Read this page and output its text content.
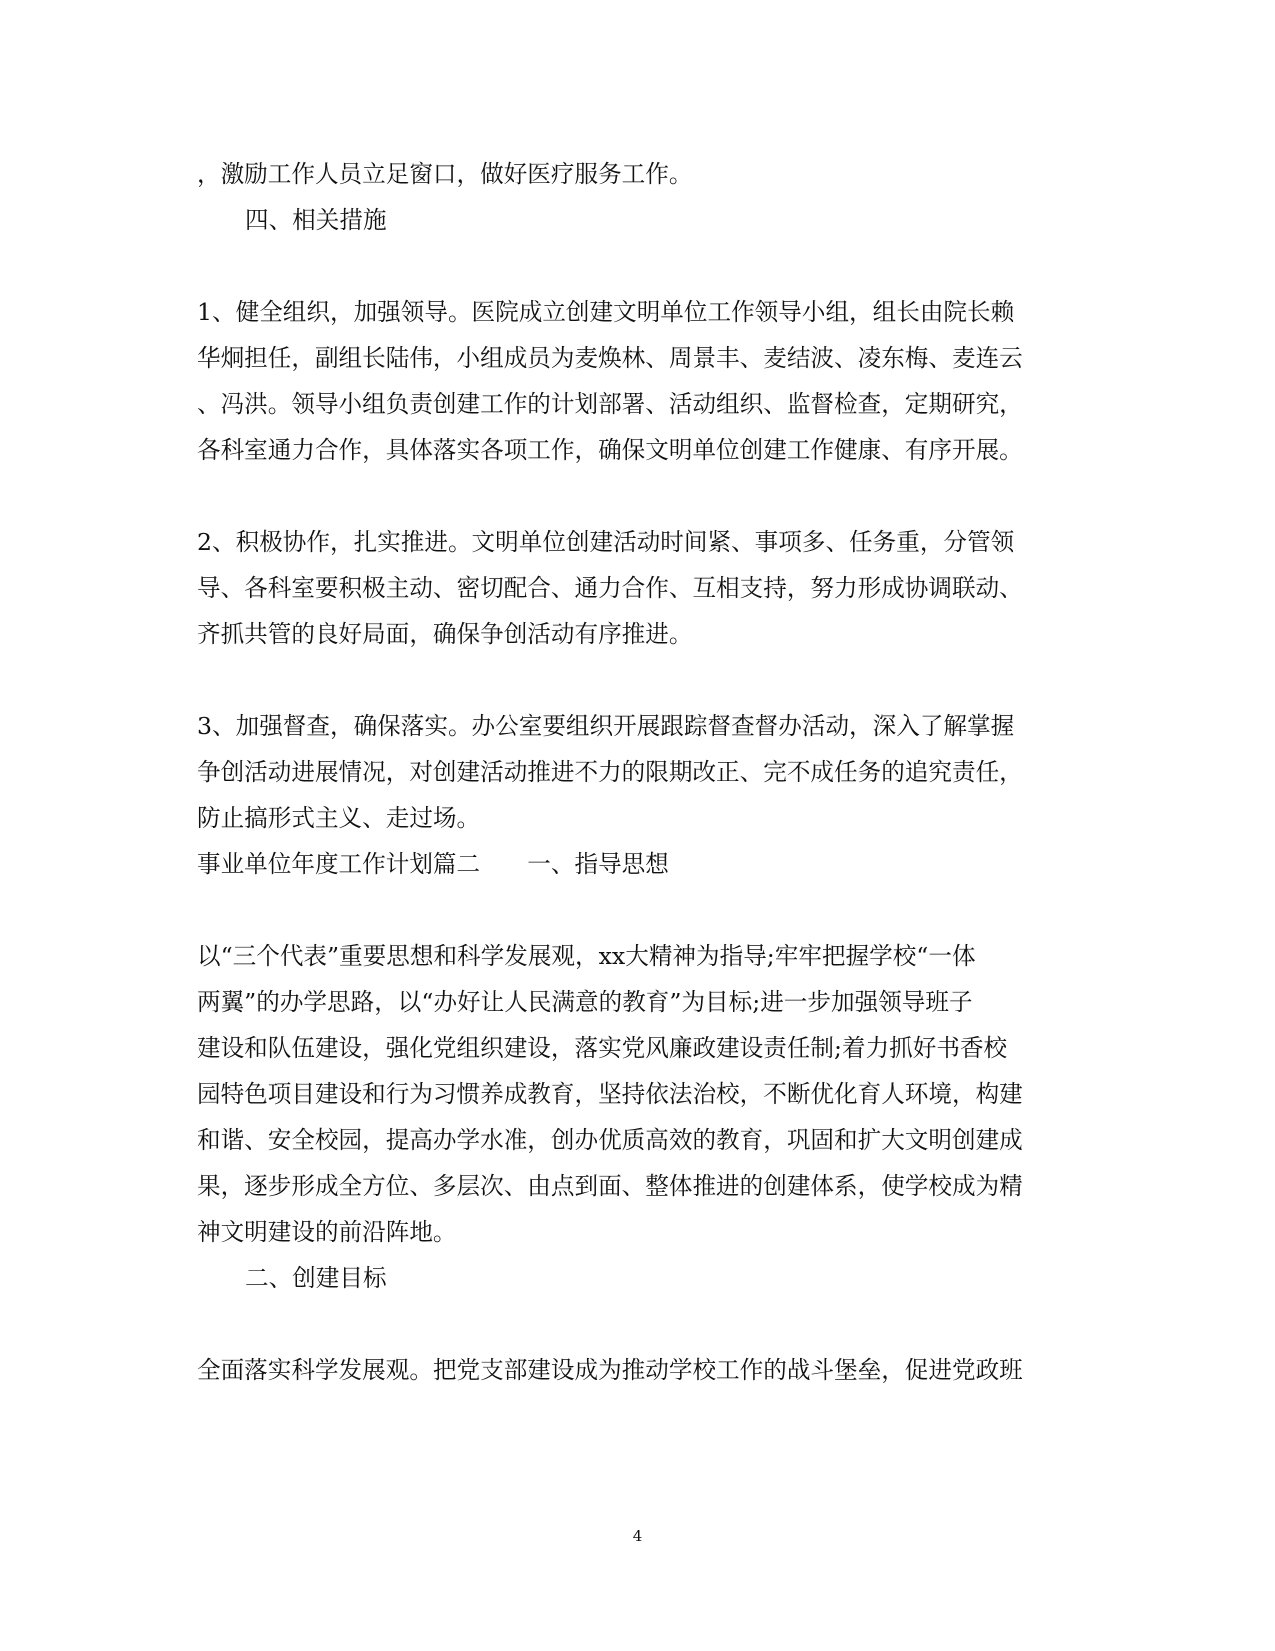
，激励工作人员立足窗口，做好医疗服务工作。
四、相关措施
1、健全组织，加强领导。医院成立创建文明单位工作领导小组，组长由院长赖
华炯担任，副组长陆伟，小组成员为麦焕林、周景丰、麦结波、凌东梅、麦连云
、冯洪。领导小组负责创建工作的计划部署、活动组织、监督检查，定期研究，
各科室通力合作，具体落实各项工作，确保文明单位创建工作健康、有序开展。
2、积极协作，扎实推进。文明单位创建活动时间紧、事项多、任务重，分管领
导、各科室要积极主动、密切配合、通力合作、互相支持，努力形成协调联动、
齐抓共管的良好局面，确保争创活动有序推进。
3、加强督查，确保落实。办公室要组织开展跟踪督查督办活动，深入了解掌握
争创活动进展情况，对创建活动推进不力的限期改正、完不成任务的追究责任，
防止搞形式主义、走过场。
事业单位年度工作计划篇二　　一、指导思想
以“三个代表”重要思想和科学发展观，xx大精神为指导;牢牢把握学校“一体
两翼”的办学思路，以“办好让人民满意的教育”为目标;进一步加强领导班子
建设和队伍建设，强化党组织建设，落实党风廉政建设责任制;着力抓好书香校
园特色项目建设和行为习惯养成教育，坚持依法治校，不断优化育人环境，构建
和谐、安全校园，提高办学水准，创办优质高效的教育，巩固和扩大文明创建成
果，逐步形成全方位、多层次、由点到面、整体推进的创建体系，使学校成为精
神文明建设的前沿阵地。
二、创建目标
全面落实科学发展观。把党支部建设成为推动学校工作的战斗堡垒，促进党政班
4
